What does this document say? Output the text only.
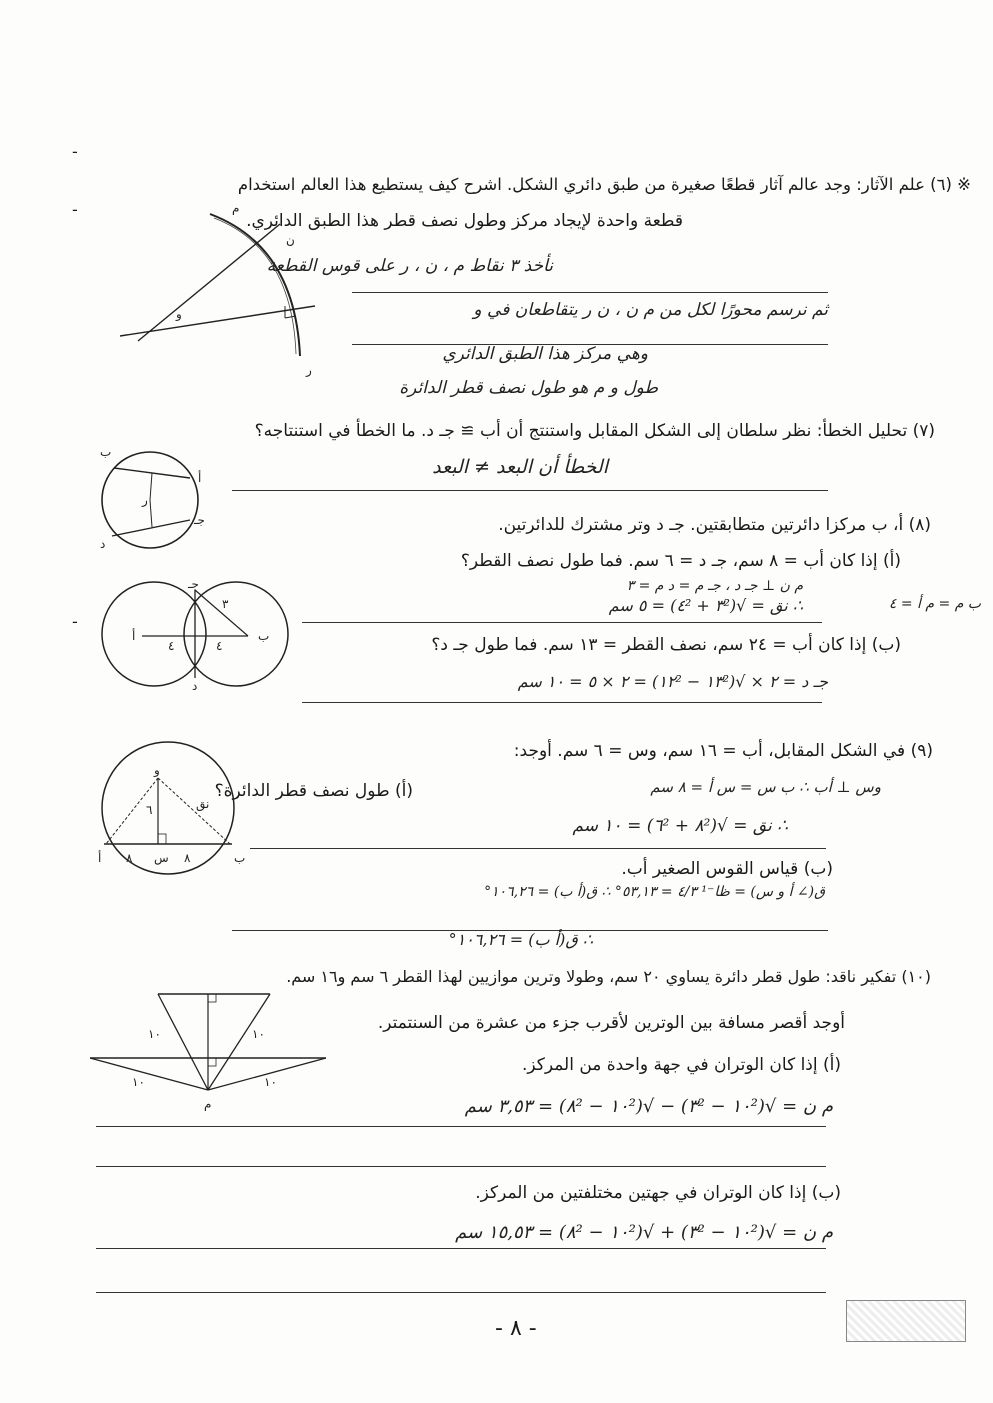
※ (٦) علم الآثار: وجد عالم آثار قطعًا صغيرة من طبق دائري الشكل. اشرح كيف يستطيع هذا العالم استخدام
قطعة واحدة لإيجاد مركز وطول نصف قطر هذا الطبق الدائري.
نأخذ ٣ نقاط م ، ن ، ر على قوس القطعة
ثم نرسم محورًا لكل من م ن ، ن ر يتقاطعان في و
وهي مركز هذا الطبق الدائري
طول و م هو طول نصف قطر الدائرة
م
ن
ر
و
(٧) تحليل الخطأ: نظر سلطان إلى الشكل المقابل واستنتج أن أب ≅ جـ د. ما الخطأ في استنتاجه؟
الخطأ أن البعد ≠ البعد
ب
أ
جـ
د
ر
(٨) أ، ب مركزا دائرتين متطابقتين. جـ د وتر مشترك للدائرتين.
(أ) إذا كان أب = ٨ سم، جـ د = ٦ سم. فما طول نصف القطر؟
م ن ⊥ جـ د ، جـ م = د م = ٣
ب م = م أ = ٤
∴ نق = √(٣² + ٤²) = ٥ سم
(ب) إذا كان أب = ٢٤ سم، نصف القطر = ١٣ سم. فما طول جـ د؟
جـ د = ٢ × √(١٣² − ١٢²) = ٢ × ٥ = ١٠ سم
جـ
ب
أ
د
٤	٤
٣
(٩) في الشكل المقابل، أب = ١٦ سم، وس = ٦ سم. أوجد:
(أ) طول نصف قطر الدائرة؟	وس ⊥ أب ∴ ب س = س أ = ٨ سم
∴ نق = √(٨² + ٦²) = ١٠ سم
(ب) قياس القوس الصغير أب.
ق(∠ أ و س) = ظا⁻¹ ٤/٣ = ٥٣,١٣° ∴ ق(أ ب) = ١٠٦,٢٦°
∴ ق(أ ب) = ١٠٦,٢٦°
و
نق
٦
ب
س
٨	٨
أ
(١٠) تفكير ناقد: طول قطر دائرة يساوي ٢٠ سم، وطولا وترين موازيين لهذا القطر ٦ سم و١٦ سم.
أوجد أقصر مسافة بين الوترين لأقرب جزء من عشرة من السنتمتر.
(أ) إذا كان الوتران في جهة واحدة من المركز.
م ن = √(١٠² − ٣²) − √(١٠² − ٨²) = ٣,٥٣ سم
(ب) إذا كان الوتران في جهتين مختلفتين من المركز.
م ن = √(١٠² − ٣²) + √(١٠² − ٨²) = ١٥,٥٣ سم
١٠	١٠
١٠	١٠
م
- ٨ -
-
-
-
